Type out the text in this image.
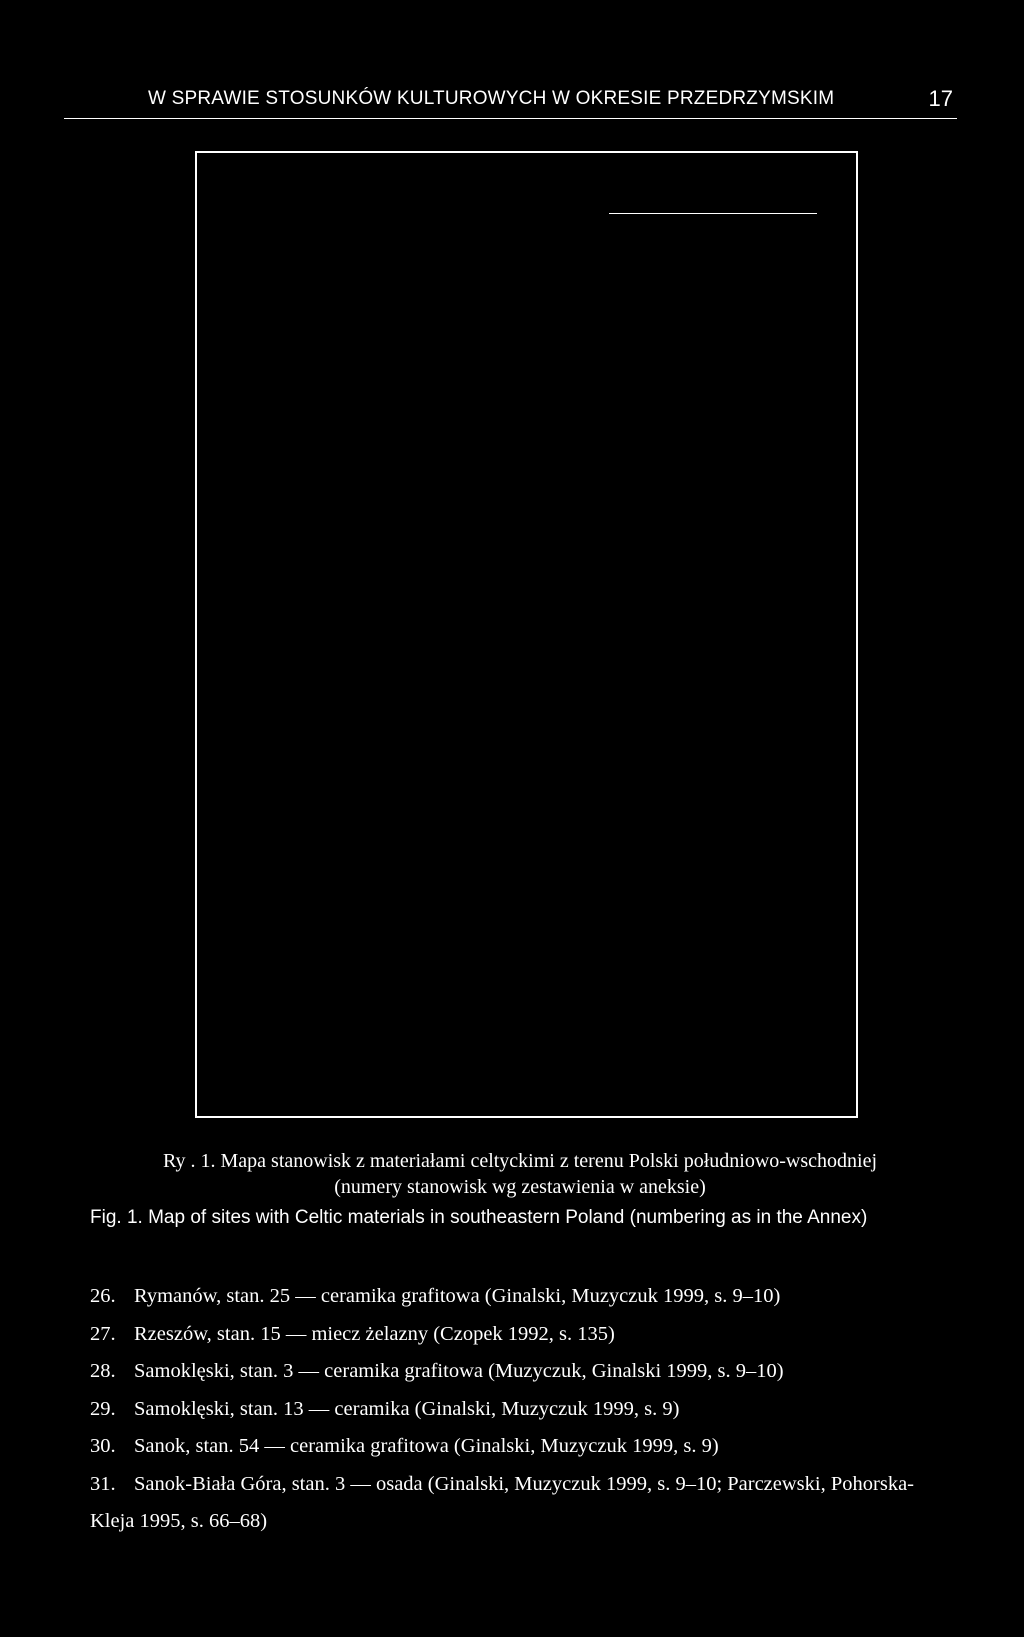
W SPRAWIE STOSUNKÓW KULTUROWYCH W OKRESIE PRZEDRZYMSKIM	17
Ry . 1. Mapa stanowisk z materiałami celtyckimi z terenu Polski południowo-wschodniej
(numery stanowisk wg zestawienia w aneksie)
Fig. 1. Map of sites with Celtic materials in southeastern Poland (numbering as in the Annex)
26. Rymanów, stan. 25 — ceramika grafitowa (Ginalski, Muzyczuk 1999, s. 9–10)
27. Rzeszów, stan. 15 — miecz żelazny (Czopek 1992, s. 135)
28. Samoklęski, stan. 3 — ceramika grafitowa (Muzyczuk, Ginalski 1999, s. 9–10)
29. Samoklęski, stan. 13 — ceramika (Ginalski, Muzyczuk 1999, s. 9)
30. Sanok, stan. 54 — ceramika grafitowa (Ginalski, Muzyczuk 1999, s. 9)
31. Sanok-Biała Góra, stan. 3 — osada (Ginalski, Muzyczuk 1999, s. 9–10; Parczewski, Pohorska-
Kleja 1995, s. 66–68)
